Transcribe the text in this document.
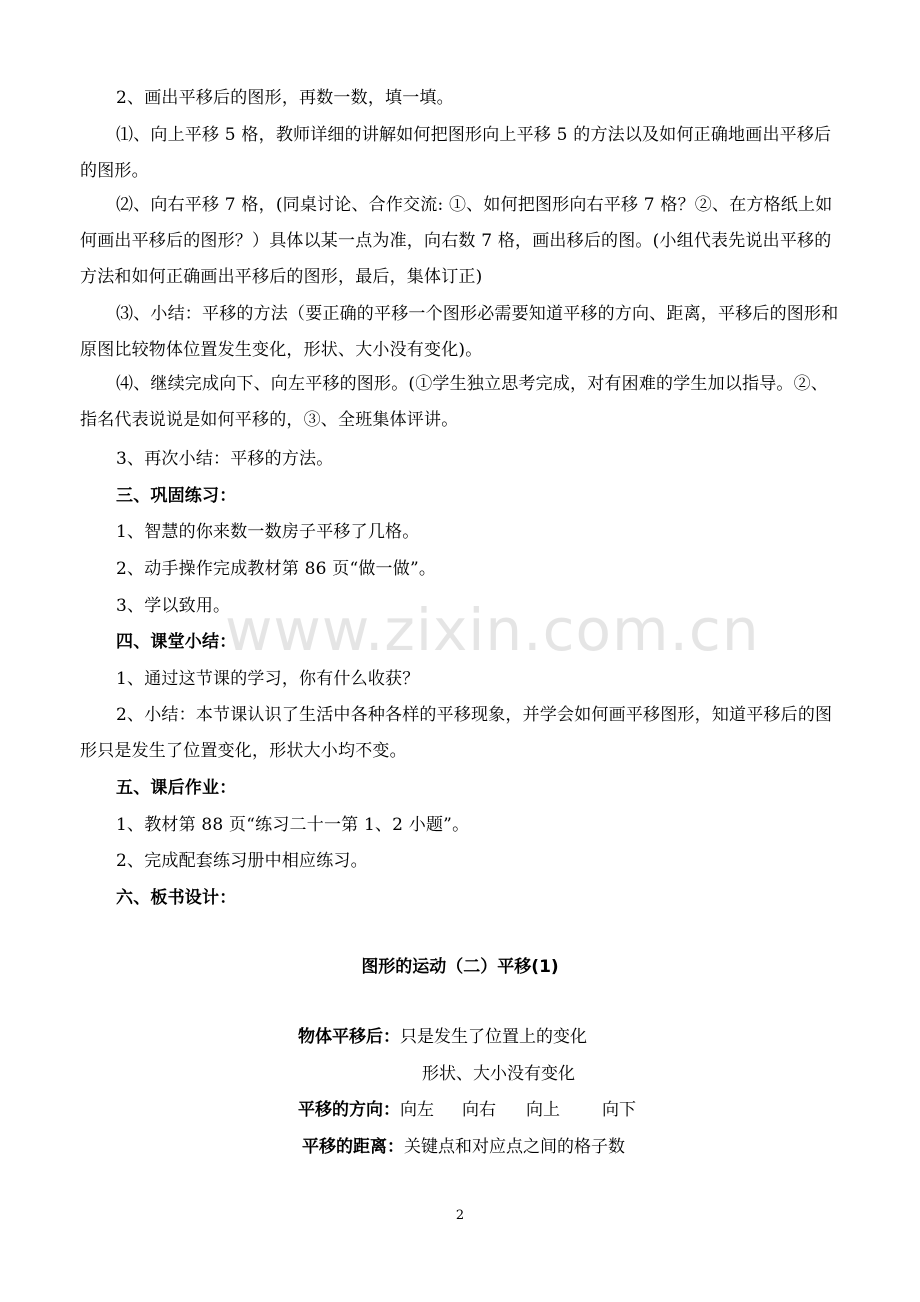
2、画出平移后的图形，再数一数，填一填。

⑴、向上平移 5 格，教师详细的讲解如何把图形向上平移 5 的方法以及如何正确地画出平移后的图形。

⑵、向右平移 7 格，(同桌讨论、合作交流: ①、如何把图形向右平移 7 格？②、在方格纸上如何画出平移后的图形？）具体以某一点为准，向右数 7 格，画出移后的图。(小组代表先说出平移的方法和如何正确画出平移后的图形，最后，集体订正)

⑶、小结：平移的方法（要正确的平移一个图形必需要知道平移的方向、距离，平移后的图形和原图比较物体位置发生变化，形状、大小没有变化)。

⑷、继续完成向下、向左平移的图形。(①学生独立思考完成，对有困难的学生加以指导。②、指名代表说说是如何平移的，③、全班集体评讲。

3、再次小结：平移的方法。

三、巩固练习：

1、智慧的你来数一数房子平移了几格。

2、动手操作完成教材第 86 页“做一做”。

3、学以致用。

四、课堂小结：

1、通过这节课的学习，你有什么收获？

2、小结：本节课认识了生活中各种各样的平移现象，并学会如何画平移图形，知道平移后的图形只是发生了位置变化，形状大小均不变。

五、课后作业：

1、教材第 88 页“练习二十一第 1、2 小题”。

2、完成配套练习册中相应练习。

六、板书设计：

图形的运动（二）平移(1)
物体平移后：只是发生了位置上的变化
形状、大小没有变化
平移的方向：向左 向右 向上 向下
平移的距离：关键点和对应点之间的格子数
www.zixin.com.cn
2
